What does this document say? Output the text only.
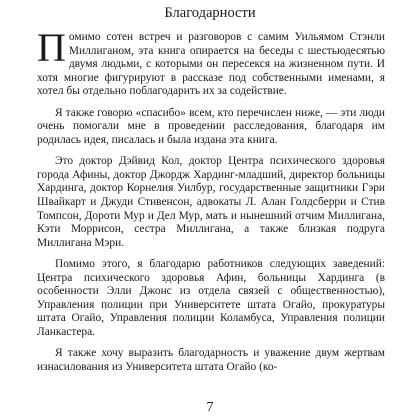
Благодарности

Помимо сотен встреч и разговоров с самим Уильямом Стэнли Миллиганом, эта книга опирается на беседы с шестьюдесятью двумя людьми, с которыми он пересекся на жизненном пути. И хотя многие фигурируют в рассказе под собственными именами, я хотел бы отдельно поблагодарить их за содействие.

Я также говорю «спасибо» всем, кто перечислен ниже, — эти люди очень помогали мне в проведении расследования, благодаря им родилась идея, писалась и была издана эта книга.

Это доктор Дэйвид Кол, доктор Центра психического здоровья города Афины, доктор Джордж Хардинг-младший, директор больницы Хардинга, доктор Корнелия Уилбур, государственные защитники Гэри Швайкарт и Джуди Стивенсон, адвокаты Л. Алан Голдсберри и Стив Томпсон, Дороти Мур и Дел Мур, мать и нынешний отчим Миллигана, Кэти Моррисон, сестра Миллигана, а также близкая подруга Миллигана Мэри.

Помимо этого, я благодарю работников следующих заведений: Центра психического здоровья Афин, больницы Хардинга (в особенности Элли Джонс из отдела связей с общественностью), Управления полиции при Университете штата Огайо, прокуратуры штата Огайо, Управления полиции Коламбуса, Управления полиции Ланкастера.

Я также хочу выразить благодарность и уважение двум жертвам изнасилования из Университета штата Огайо (ко-

7
